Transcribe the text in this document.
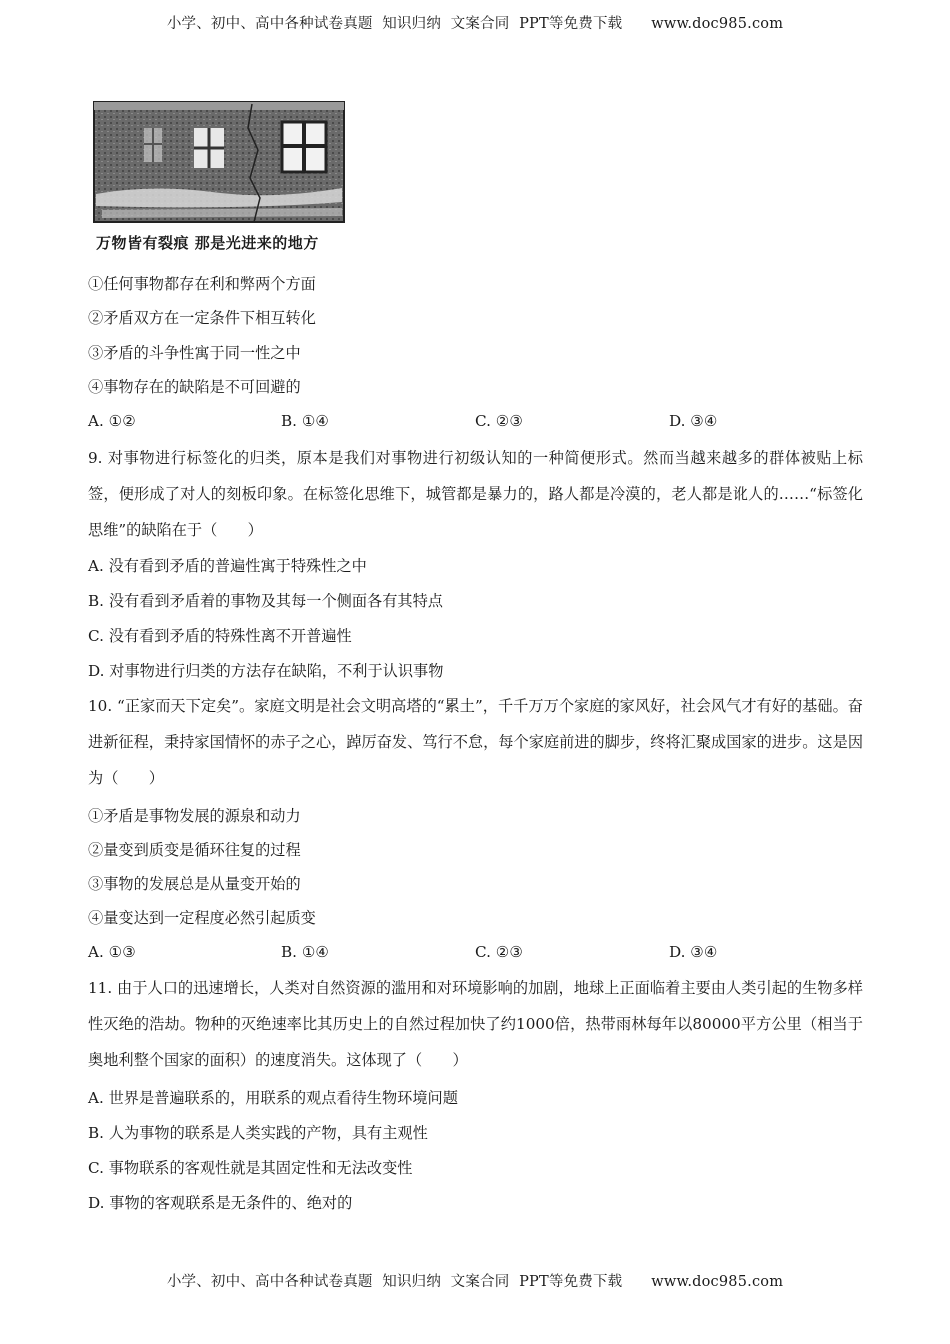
小学、初中、高中各种试卷真题  知识归纳  文案合同  PPT等免费下载      www.doc985.com
万物皆有裂痕 那是光进来的地方
①任何事物都存在利和弊两个方面
②矛盾双方在一定条件下相互转化
③矛盾的斗争性寓于同一性之中
④事物存在的缺陷是不可回避的
A. ①②	B. ①④	C. ②③	D. ③④
9. 对事物进行标签化的归类，原本是我们对事物进行初级认知的一种简便形式。然而当越来越多的群体被贴上标签，便形成了对人的刻板印象。在标签化思维下，城管都是暴力的，路人都是冷漠的，老人都是讹人的……“标签化思维”的缺陷在于（　　）
A. 没有看到矛盾的普遍性寓于特殊性之中
B. 没有看到矛盾着的事物及其每一个侧面各有其特点
C. 没有看到矛盾的特殊性离不开普遍性
D. 对事物进行归类的方法存在缺陷，不利于认识事物
10. “正家而天下定矣”。家庭文明是社会文明高塔的“累土”，千千万万个家庭的家风好，社会风气才有好的基础。奋进新征程，秉持家国情怀的赤子之心，踔厉奋发、笃行不怠，每个家庭前进的脚步，终将汇聚成国家的进步。这是因为（　　）
①矛盾是事物发展的源泉和动力
②量变到质变是循环往复的过程
③事物的发展总是从量变开始的
④量变达到一定程度必然引起质变
A. ①③	B. ①④	C. ②③	D. ③④
11. 由于人口的迅速增长，人类对自然资源的滥用和对环境影响的加剧，地球上正面临着主要由人类引起的生物多样性灭绝的浩劫。物种的灭绝速率比其历史上的自然过程加快了约1000倍，热带雨林每年以80000平方公里（相当于奥地利整个国家的面积）的速度消失。这体现了（　　）
A. 世界是普遍联系的，用联系的观点看待生物环境问题
B. 人为事物的联系是人类实践的产物，具有主观性
C. 事物联系的客观性就是其固定性和无法改变性
D. 事物的客观联系是无条件的、绝对的
小学、初中、高中各种试卷真题  知识归纳  文案合同  PPT等免费下载      www.doc985.com
